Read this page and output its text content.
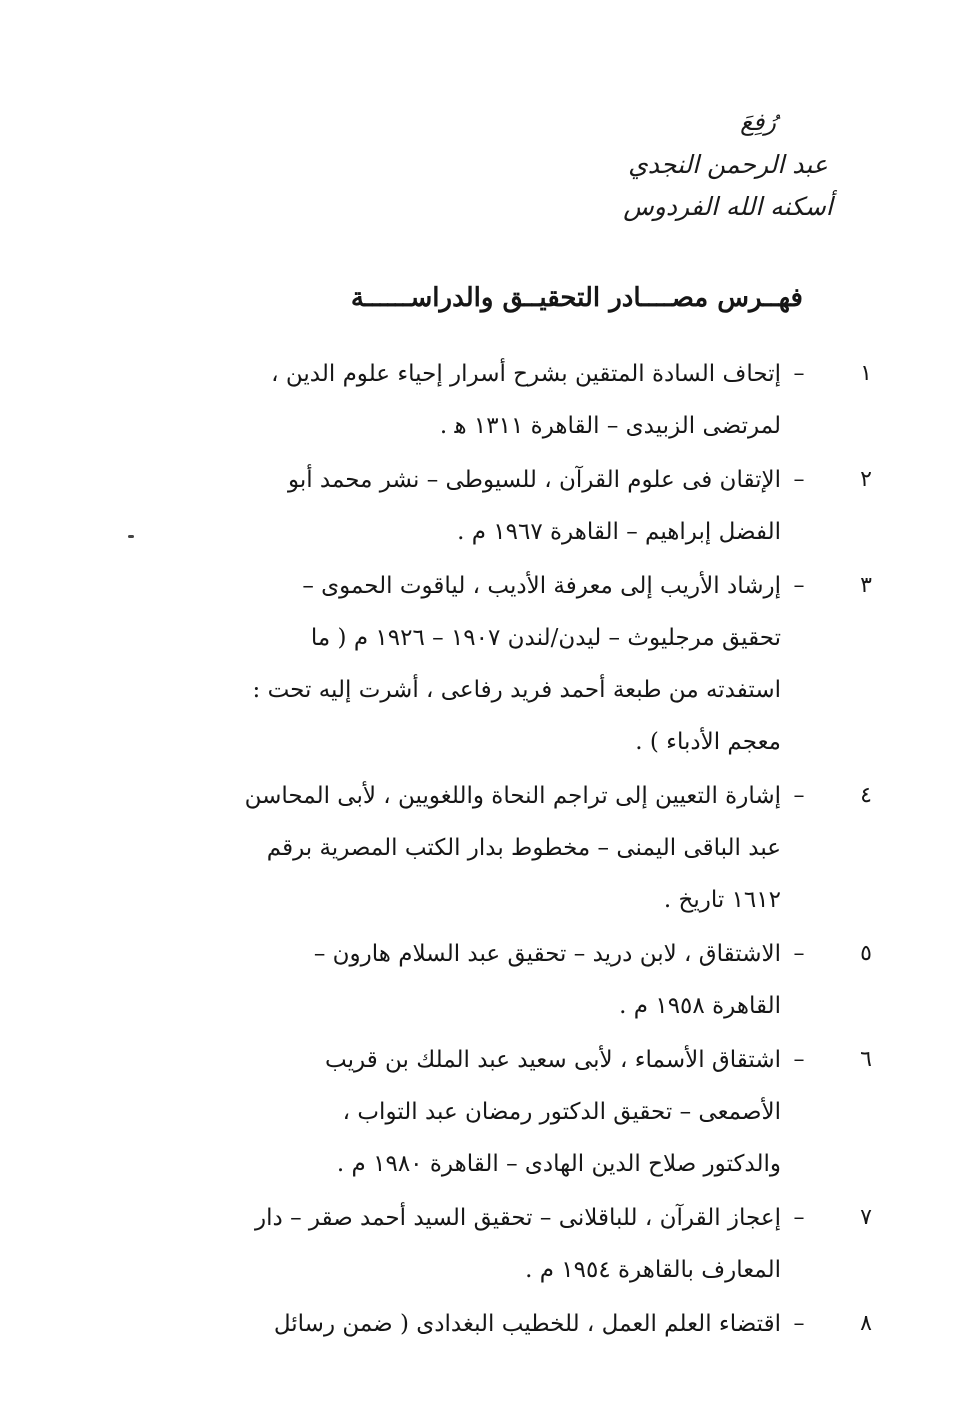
رُفِعَ
عبد الرحمن النجدي
أسكنه الله الفردوس
فهــرس مصــــادر التحقيــق والدراســــــة
١
–
إتحاف السادة المتقين بشرح أسرار إحياء علوم الدين ،
لمرتضى الزبيدى – القاهرة ١٣١١ ﻫ .
٢
–
الإتقان فى علوم القرآن ، للسيوطى – نشر محمد أبو
الفضل إبراهيم – القاهرة ١٩٦٧ م .
٣
–
إرشاد الأريب إلى معرفة الأديب ، لياقوت الحموى –
تحقيق مرجليوث – ليدن/لندن ١٩٠٧ – ١٩٢٦ م ( ما
استفدته من طبعة أحمد فريد رفاعى ، أشرت إليه تحت :
معجم الأدباء ) .
٤
–
إشارة التعيين إلى تراجم النحاة واللغويين ، لأبى المحاسن
عبد الباقى اليمنى – مخطوط بدار الكتب المصرية برقم
١٦١٢ تاريخ .
٥
–
الاشتقاق ، لابن دريد – تحقيق عبد السلام هارون –
القاهرة ١٩٥٨ م .
٦
–
اشتقاق الأسماء ، لأبى سعيد عبد الملك بن قريب
الأصمعى – تحقيق الدكتور رمضان عبد التواب ،
والدكتور صلاح الدين الهادى – القاهرة ١٩٨٠ م .
٧
–
إعجاز القرآن ، للباقلانى – تحقيق السيد أحمد صقر – دار
المعارف بالقاهرة ١٩٥٤ م .
٨
–
اقتضاء العلم العمل ، للخطيب البغدادى ( ضمن رسائل
